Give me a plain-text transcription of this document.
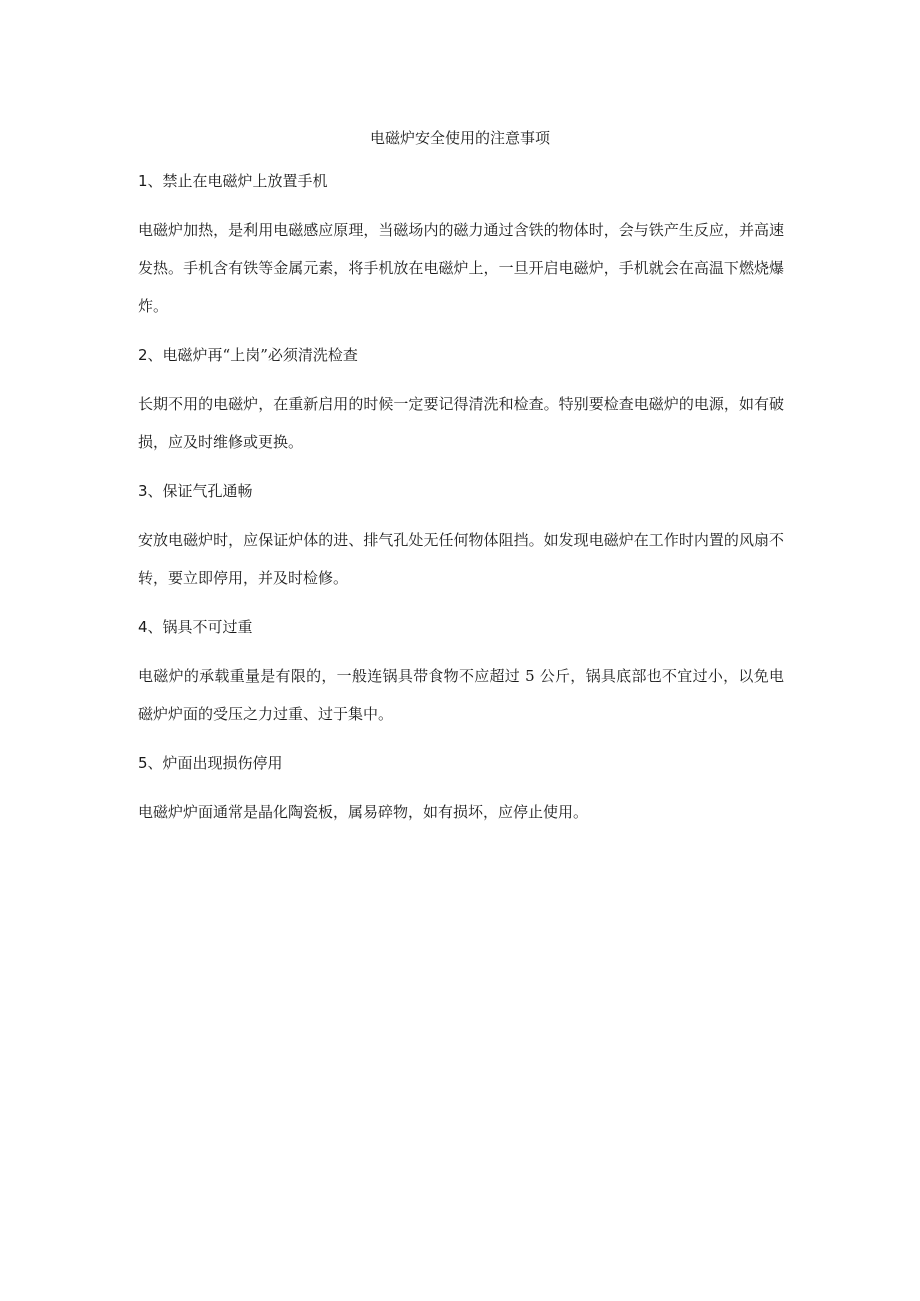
电磁炉安全使用的注意事项

1、禁止在电磁炉上放置手机

电磁炉加热，是利用电磁感应原理，当磁场内的磁力通过含铁的物体时，会与铁产生反应，并高速发热。手机含有铁等金属元素，将手机放在电磁炉上，一旦开启电磁炉，手机就会在高温下燃烧爆炸。

2、电磁炉再“上岗”必须清洗检查

长期不用的电磁炉，在重新启用的时候一定要记得清洗和检查。特别要检查电磁炉的电源，如有破损，应及时维修或更换。

3、保证气孔通畅

安放电磁炉时，应保证炉体的进、排气孔处无任何物体阻挡。如发现电磁炉在工作时内置的风扇不转，要立即停用，并及时检修。

4、锅具不可过重

电磁炉的承载重量是有限的，一般连锅具带食物不应超过 5 公斤，锅具底部也不宜过小，以免电磁炉炉面的受压之力过重、过于集中。

5、炉面出现损伤停用

电磁炉炉面通常是晶化陶瓷板，属易碎物，如有损坏，应停止使用。
